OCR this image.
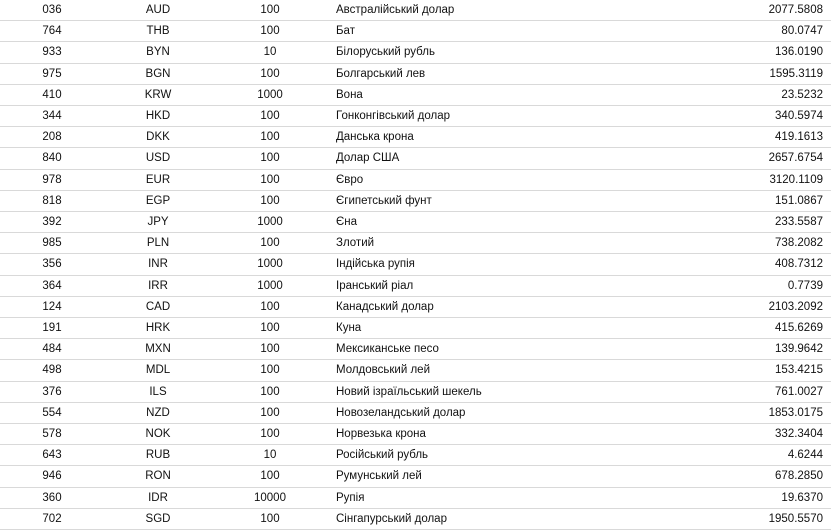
036	AUD	100	Австралійський долар	2077.5808
764	THB	100	Бат	80.0747
933	BYN	10	Білоруський рубль	136.0190
975	BGN	100	Болгарський лев	1595.3119
410	KRW	1000	Вона	23.5232
344	HKD	100	Гонконгівський долар	340.5974
208	DKK	100	Данська крона	419.1613
840	USD	100	Долар США	2657.6754
978	EUR	100	Євро	3120.1109
818	EGP	100	Єгипетський фунт	151.0867
392	JPY	1000	Єна	233.5587
985	PLN	100	Злотий	738.2082
356	INR	1000	Індійська рупія	408.7312
364	IRR	1000	Іранський ріал	0.7739
124	CAD	100	Канадський долар	2103.2092
191	HRK	100	Куна	415.6269
484	MXN	100	Мексиканське песо	139.9642
498	MDL	100	Молдовський лей	153.4215
376	ILS	100	Новий ізраїльський шекель	761.0027
554	NZD	100	Новозеландський долар	1853.0175
578	NOK	100	Норвезька крона	332.3404
643	RUB	10	Російський рубль	4.6244
946	RON	100	Румунський лей	678.2850
360	IDR	10000	Рупія	19.6370
702	SGD	100	Сінгапурський долар	1950.5570
